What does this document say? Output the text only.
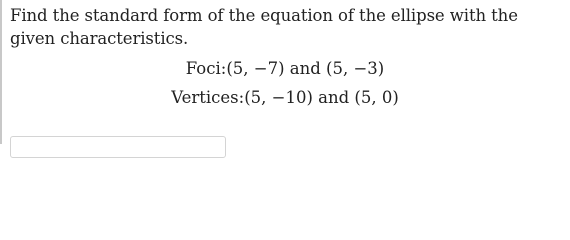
Find the standard form of the equation of the ellipse with the given characteristics.
Foci:(5, −7) and (5, −3)
Vertices:(5, −10) and (5, 0)
